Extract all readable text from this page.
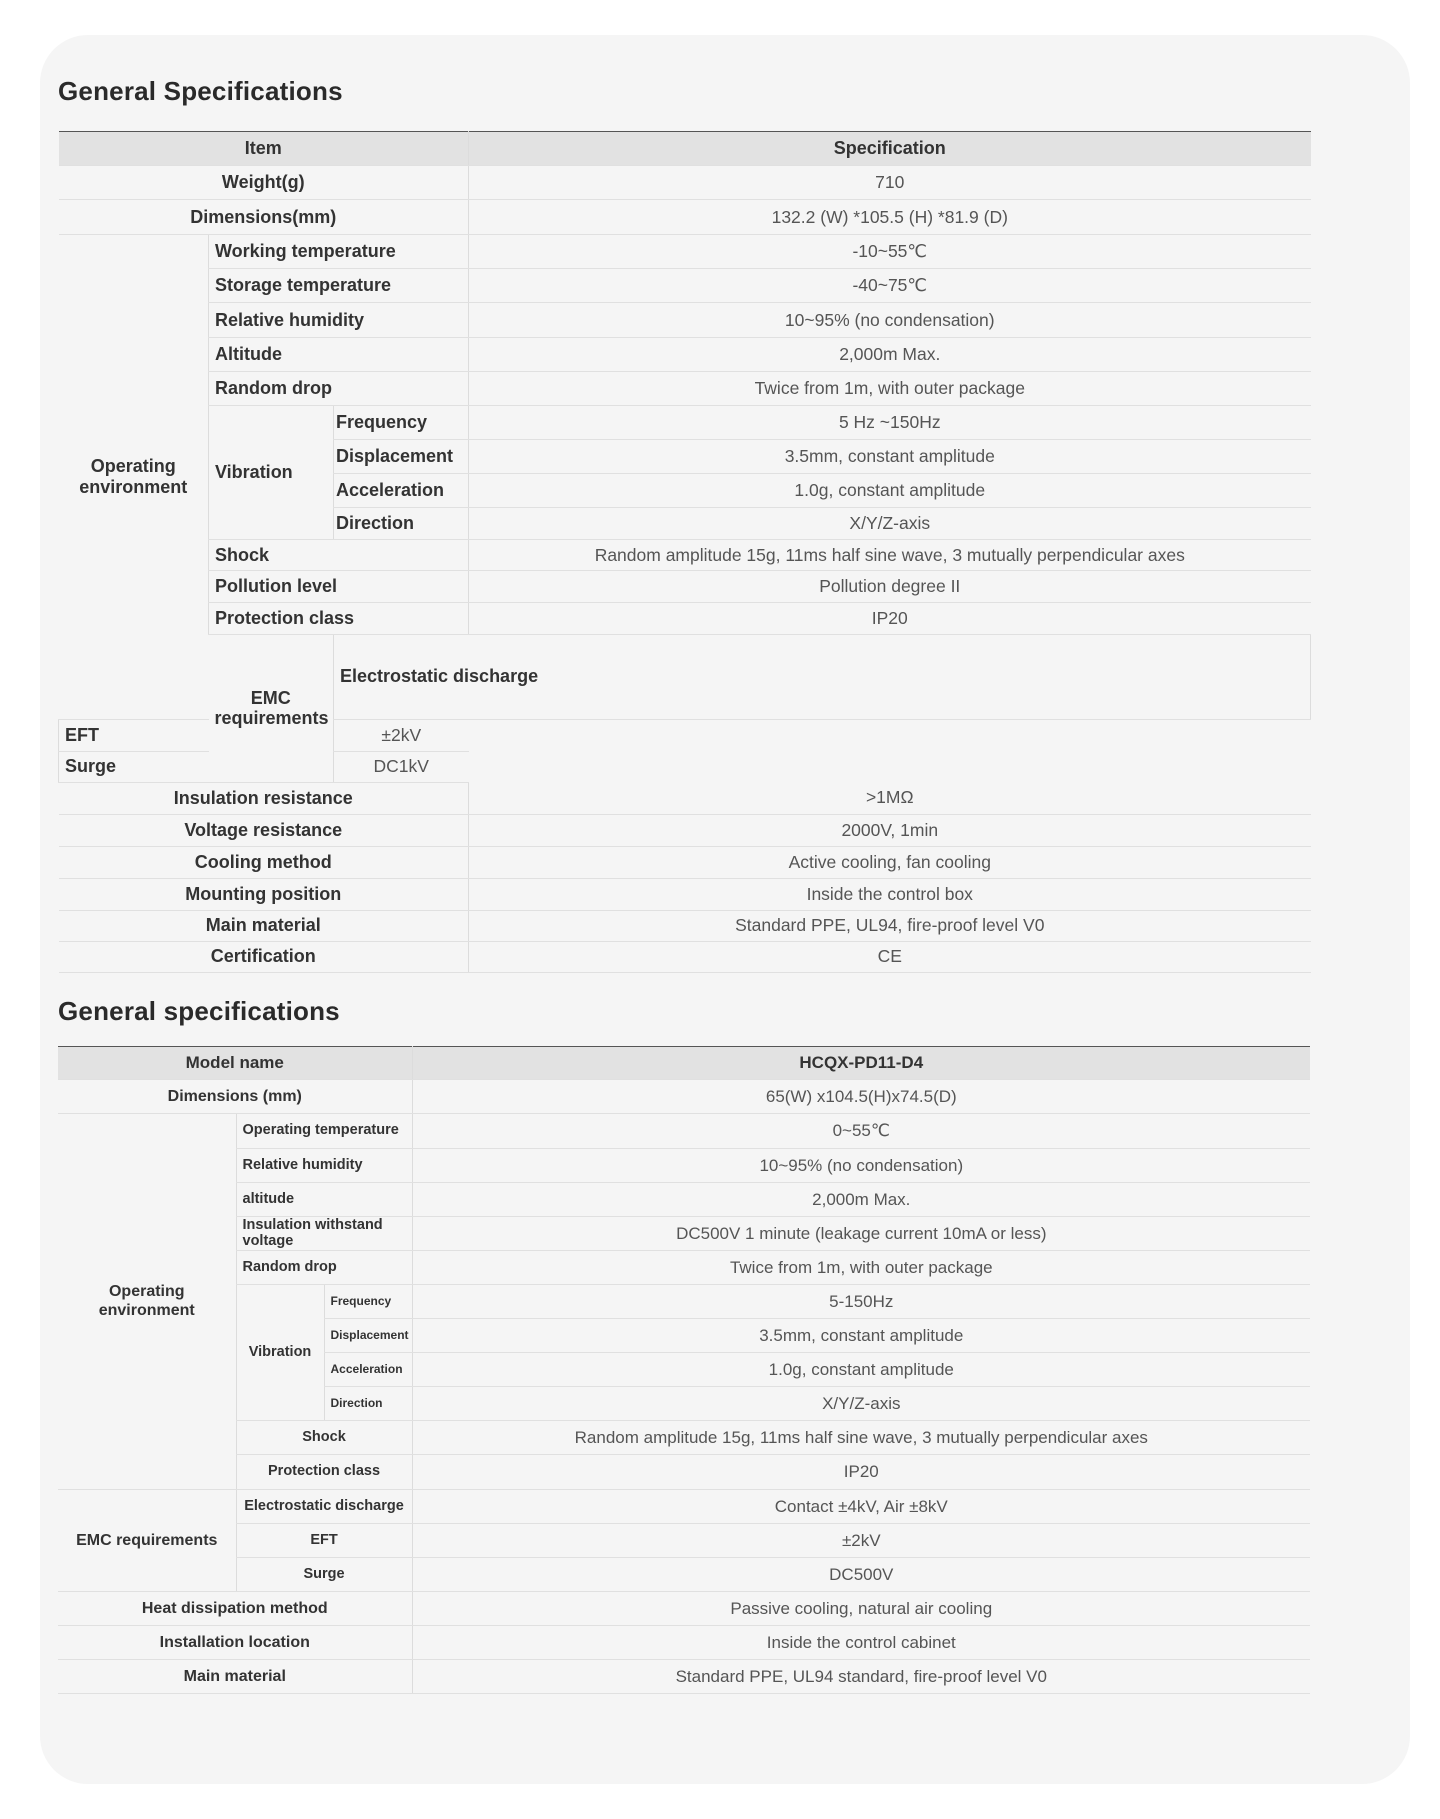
General Specifications
Item			Specification	
Weight(g)			710	
Dimensions(mm)			132.2 (W) *105.5 (H) *81.9 (D)	
Operating environment	Working temperature		-10~55℃	
	Storage temperature		-40~75℃	
	Relative humidity		10~95% (no condensation)	
	Altitude		2,000m Max.	
	Random drop		Twice from 1m, with outer package	
	Vibration	Frequency	5 Hz ~150Hz	
		Displacement	3.5mm, constant amplitude	
		Acceleration	1.0g, constant amplitude	
		Direction	X/Y/Z-axis	
	Shock		Random amplitude 15g, 11ms half sine wave, 3 mutually perpendicular axes	
	Pollution level		Pollution degree II	
	Protection class		IP20	
	EMC requirements	Electrostatic discharge	
EFT		±2kV		
Surge		DC1kV		
Insulation resistance			>1MΩ	
Voltage resistance			2000V, 1min	
Cooling method			Active cooling, fan cooling	
Mounting position			Inside the control box	
Main material			Standard PPE, UL94, fire-proof level V0	
Certification			CE	
General specifications
Model name			HCQX-PD11-D4
Dimensions (mm)			65(W) x104.5(H)x74.5(D)
Operating environment	Operating temperature		0~55℃
	Relative humidity		10~95% (no condensation)
	altitude		2,000m Max.
	Insulation withstand voltage		DC500V 1 minute (leakage current 10mA or less)
	Random drop		Twice from 1m, with outer package
	Vibration	Frequency	5-150Hz
		Displacement	3.5mm, constant amplitude
		Acceleration	1.0g, constant amplitude
		Direction	X/Y/Z-axis
	Shock		Random amplitude 15g, 11ms half sine wave, 3 mutually perpendicular axes
	Protection class		IP20
EMC requirements	Electrostatic discharge		Contact ±4kV, Air ±8kV
	EFT		±2kV
	Surge		DC500V
Heat dissipation method			Passive cooling, natural air cooling
Installation location			Inside the control cabinet
Main material			Standard PPE, UL94 standard, fire-proof level V0
